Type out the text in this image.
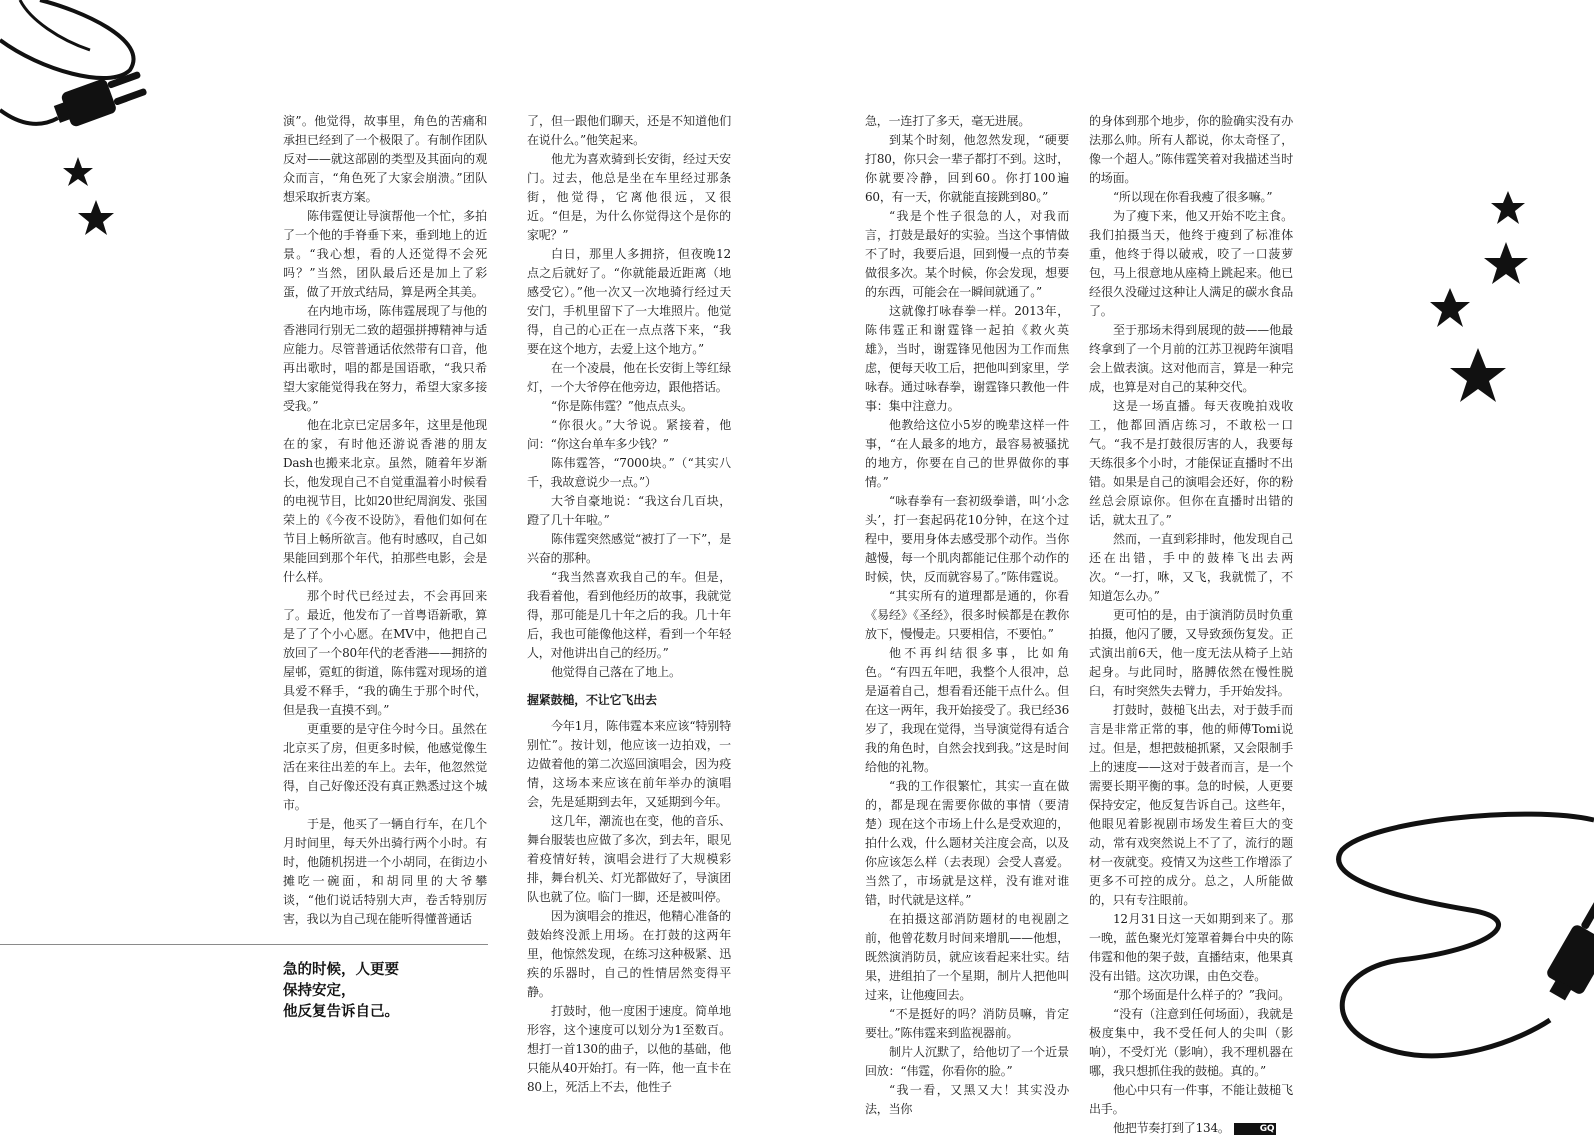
演”。他觉得，故事里，角色的苦痛和承担已经到了一个极限了。有制作团队反对——就这部剧的类型及其面向的观众而言，“角色死了大家会崩溃。”团队想采取折衷方案。

陈伟霆便让导演帮他一个忙，多拍了一个他的手脊垂下来，垂到地上的近景。“我心想，看的人还觉得不会死吗？”当然，团队最后还是加上了彩蛋，做了开放式结局，算是两全其美。

在内地市场，陈伟霆展现了与他的香港同行别无二致的超强拼搏精神与适应能力。尽管普通话依然带有口音，他再出歌时，唱的都是国语歌，“我只希望大家能觉得我在努力，希望大家多接受我。”

他在北京已定居多年，这里是他现在的家，有时他还游说香港的朋友Dash也搬来北京。虽然，随着年岁渐长，他发现自己不自觉重温着小时候看的电视节目，比如20世纪周润发、张国荣上的《今夜不设防》，看他们如何在节目上畅所欲言。他有时感叹，自己如果能回到那个年代，拍那些电影，会是什么样。

那个时代已经过去，不会再回来了。最近，他发布了一首粤语新歌，算是了了个小心愿。在MV中，他把自己放回了一个80年代的老香港——拥挤的屋邨，霓虹的街道，陈伟霆对现场的道具爱不释手，“我的确生于那个时代，但是我一直摸不到。”

更重要的是守住今时今日。虽然在北京买了房，但更多时候，他感觉像生活在来往出差的车上。去年，他忽然觉得，自己好像还没有真正熟悉过这个城市。

于是，他买了一辆自行车，在几个月时间里，每天外出骑行两个小时。有时，他随机拐进一个小胡同，在街边小摊吃一碗面，和胡同里的大爷攀谈，“他们说话特别大声，卷舌特别厉害，我以为自己现在能听得懂普通话

了，但一跟他们聊天，还是不知道他们在说什么。”他笑起来。

他尤为喜欢骑到长安街，经过天安门。过去，他总是坐在车里经过那条街，他觉得，它离他很远，又很近。“但是，为什么你觉得这个是你的家呢？”

白日，那里人多拥挤，但夜晚12点之后就好了。“你就能最近距离（地感受它）。”他一次又一次地骑行经过天安门，手机里留下了一大堆照片。他觉得，自己的心正在一点点落下来，“我要在这个地方，去爱上这个地方。”

在一个凌晨，他在长安街上等红绿灯，一个大爷停在他旁边，跟他搭话。

“你是陈伟霆？”他点点头。

“你很火。”大爷说。紧接着，他问：“你这台单车多少钱？”

陈伟霆答，“7000块。”（“其实八千，我故意说少一点。”）

大爷自豪地说：“我这台几百块，蹬了几十年啦。”

陈伟霆突然感觉“被打了一下”，是兴奋的那种。

“我当然喜欢我自己的车。但是，我看着他，看到他经历的故事，我就觉得，那可能是几十年之后的我。几十年后，我也可能像他这样，看到一个年轻人，对他讲出自己的经历。”

他觉得自己落在了地上。

握紧鼓槌，不让它飞出去

今年1月，陈伟霆本来应该“特别特别忙”。按计划，他应该一边拍戏，一边做着他的第二次巡回演唱会，因为疫情，这场本来应该在前年举办的演唱会，先是延期到去年，又延期到今年。

这几年，潮流也在变，他的音乐、舞台服装也应做了多次，到去年，眼见着疫情好转，演唱会进行了大规模彩排，舞台机关、灯光都做好了，导演团队也就了位。临门一脚，还是被叫停。

因为演唱会的推迟，他精心准备的鼓始终没派上用场。在打鼓的这两年里，他惊然发现，在练习这种极紧、迅疾的乐器时，自己的性情居然变得平静。

打鼓时，他一度困于速度。简单地形容，这个速度可以划分为1至数百。想打一首130的曲子，以他的基础，他只能从40开始打。有一阵，他一直卡在80上，死活上不去，他性子

急，一连打了多天，毫无进展。

到某个时刻，他忽然发现，“硬要打80，你只会一辈子都打不到。这时，你就要冷静，回到60。你打100遍60，有一天，你就能直接跳到80。”

“我是个性子很急的人，对我而言，打鼓是最好的实验。当这个事情做不了时，我要后退，回到慢一点的节奏做很多次。某个时候，你会发现，想要的东西，可能会在一瞬间就通了。”

这就像打咏春拳一样。2013年，陈伟霆正和谢霆锋一起拍《救火英雄》，当时，谢霆锋见他因为工作而焦虑，便每天收工后，把他叫到家里，学咏春。通过咏春拳，谢霆锋只教他一件事：集中注意力。

他教给这位小5岁的晚辈这样一件事，“在人最多的地方，最容易被骚扰的地方，你要在自己的世界做你的事情。”

“咏春拳有一套初级拳谱，叫‘小念头’，打一套起码花10分钟，在这个过程中，要用身体去感受那个动作。当你越慢，每一个肌肉都能记住那个动作的时候，快，反而就容易了。”陈伟霆说。

“其实所有的道理都是通的，你看《易经》《圣经》，很多时候都是在教你放下，慢慢走。只要相信，不要怕。”

他不再纠结很多事，比如角色。“有四五年吧，我整个人很冲，总是逼着自己，想看看还能干点什么。但在这一两年，我开始接受了。我已经36岁了，我现在觉得，当导演觉得有适合我的角色时，自然会找到我。”这是时间给他的礼物。

“我的工作很繁忙，其实一直在做的，都是现在需要你做的事情（要清楚）现在这个市场上什么是受欢迎的，拍什么戏，什么题材关注度会高，以及你应该怎么样（去表现）会受人喜爱。当然了，市场就是这样，没有谁对谁错，时代就是这样。”

在拍摄这部消防题材的电视剧之前，他曾花数月时间来增肌——他想，既然演消防员，就应该看起来壮实。结果，进组拍了一个星期，制片人把他叫过来，让他瘦回去。

“不是挺好的吗？消防员嘛，肯定要壮。”陈伟霆来到监视器前。

制片人沉默了，给他切了一个近景回放：“伟霆，你看你的脸。”

“我一看，又黑又大！其实没办法，当你

的身体到那个地步，你的脸确实没有办法那么帅。所有人都说，你太奇怪了，像一个超人。”陈伟霆笑着对我描述当时的场面。

“所以现在你看我瘦了很多嘛。”

为了瘦下来，他又开始不吃主食。我们拍摄当天，他终于瘦到了标准体重，他终于得以破戒，咬了一口菠萝包，马上很意地从座椅上跳起来。他已经很久没碰过这种让人满足的碳水食品了。

至于那场未得到展现的鼓——他最终拿到了一个月前的江苏卫视跨年演唱会上做表演。这对他而言，算是一种完成，也算是对自己的某种交代。

这是一场直播。每天夜晚拍戏收工，他都回酒店练习，不敢松一口气。“我不是打鼓很厉害的人，我要每天练很多个小时，才能保证直播时不出错。如果是自己的演唱会还好，你的粉丝总会原谅你。但你在直播时出错的话，就太丑了。”

然而，一直到彩排时，他发现自己还在出错，手中的鼓棒飞出去两次。“一打，咻，又飞，我就慌了，不知道怎么办。”

更可怕的是，由于演消防员时负重拍摄，他闪了腰，又导致颈伤复发。正式演出前6天，他一度无法从椅子上站起身。与此同时，胳膊依然在慢性脱臼，有时突然失去臂力，手开始发抖。

打鼓时，鼓槌飞出去，对于鼓手而言是非常正常的事，他的师傅Tomi说过。但是，想把鼓槌抓紧，又会限制手上的速度——这对于鼓者而言，是一个需要长期平衡的事。急的时候，人更要保持安定，他反复告诉自己。这些年，他眼见着影视剧市场发生着巨大的变动，常有戏突然说上不了了，流行的题材一夜就变。疫情又为这些工作增添了更多不可控的成分。总之，人所能做的，只有专注眼前。

12月31日这一天如期到来了。那一晚，蓝色聚光灯笼罩着舞台中央的陈伟霆和他的架子鼓，直播结束，他果真没有出错。这次功课，由色交卷。

“那个场面是什么样子的？”我问。

“没有（注意到任何场面），我就是极度集中，我不受任何人的尖叫（影响），不受灯光（影响），我不理机器在哪，我只想抓住我的鼓槌。真的。”

他心中只有一件事，不能让鼓槌飞出手。

他把节奏打到了134。	GQ

急的时候，人更要
保持安定，
他反复告诉自己。
